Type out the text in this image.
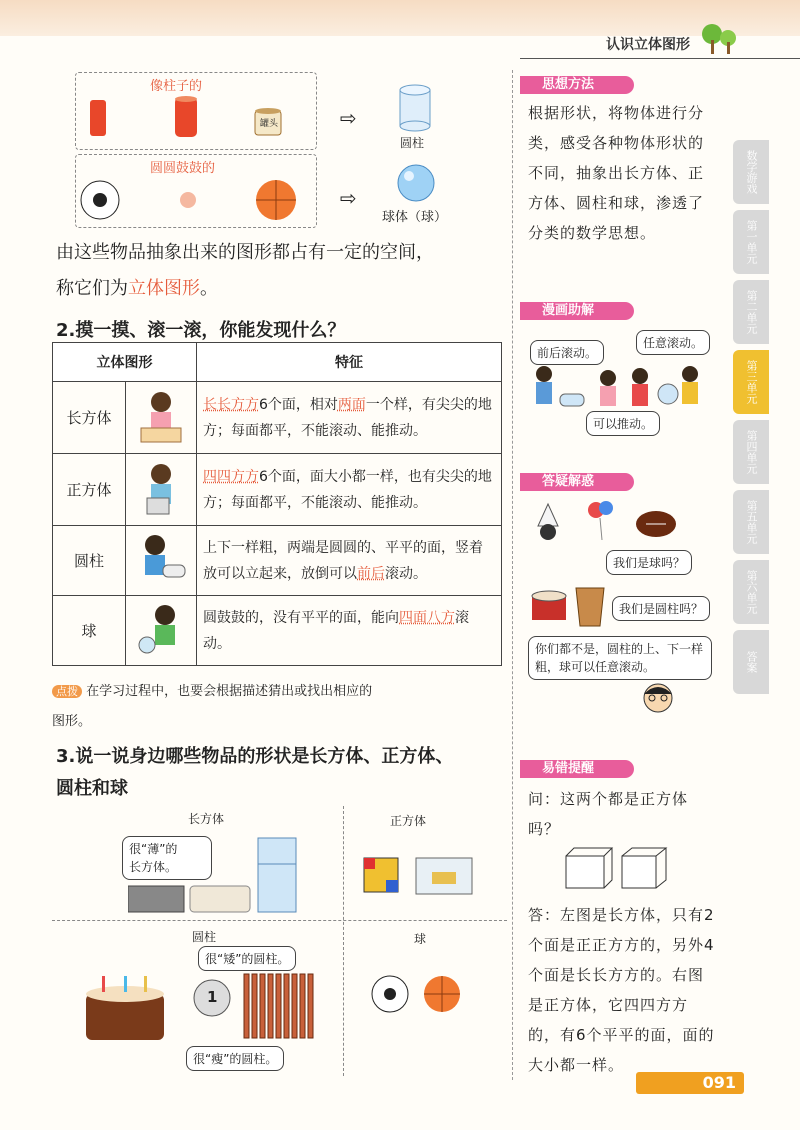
认识立体图形
像柱子的
罐头	⇨
圆柱
圆圆鼓鼓的
⇨
球体（球）
由这些物品抽象出来的图形都占有一定的空间，
称它们为立体图形。
2.摸一摸、滚一滚，你能发现什么？
立体图形		特征
长方体		长长方方6个面，相对两面一个样，有尖尖的地方；每面都平，不能滚动、能推动。
正方体		四四方方6个面，面大小都一样，也有尖尖的地方；每面都平，不能滚动、能推动。
圆柱		上下一样粗，两端是圆圆的、平平的面，竖着放可以立起来，放倒可以前后滚动。
球		圆鼓鼓的，没有平平的面，能向四面八方滚动。
点拨 在学习过程中，也要会根据描述猜出或找出相应的
图形。
3.说一说身边哪些物品的形状是长方体、正方体、
圆柱和球
长方体
很“薄”的
长方体。
正方体
圆柱
很“矮”的圆柱。
1
很“瘦”的圆柱。
球
思想方法
根据形状，将物体进行分类，感受各种物体形状的不同，抽象出长方体、正方体、圆柱和球，渗透了分类的数学思想。
漫画助解
前后滚动。
任意滚动。
可以推动。
答疑解惑
我们是球吗？
我们是圆柱吗？
你们都不是，圆柱的上、下一样粗，球可以任意滚动。
易错提醒
问：这两个都是正方体吗？
答：左图是长方体，只有2个面是正正方方的，另外4个面是长长方方的。右图是正方体，它四四方方的，有6个平平的面，面的大小都一样。
数学游戏
第一单元
第二单元
第三单元
第四单元
第五单元
第六单元
答案
091
